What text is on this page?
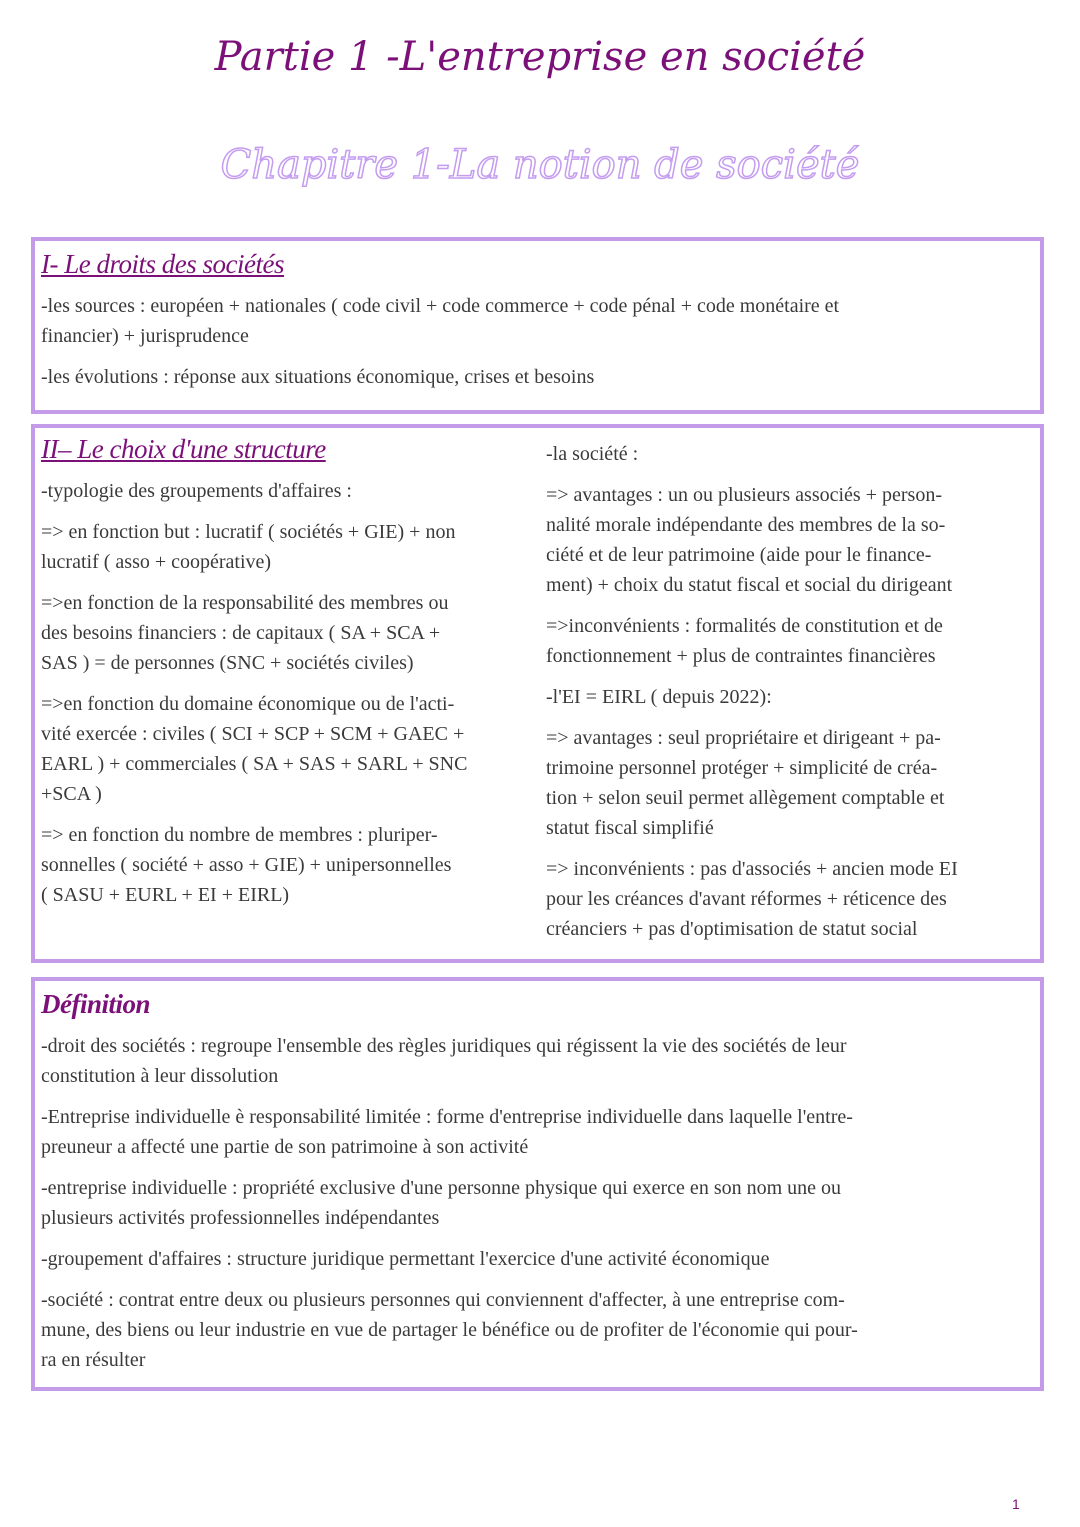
Partie 1 -L'entreprise en société
Chapitre 1-La notion de société
I- Le droits des sociétés
-les sources : européen + nationales ( code civil + code commerce + code pénal + code monétaire et
financier) + jurisprudence
-les évolutions : réponse aux situations économique, crises et besoins
II– Le choix d'une structure
-typologie des groupements d'affaires :
=> en fonction but : lucratif ( sociétés + GIE) + non
lucratif ( asso + coopérative)
=>en fonction de la responsabilité des membres ou
des besoins financiers : de capitaux ( SA + SCA +
SAS ) = de personnes (SNC + sociétés civiles)
=>en fonction du domaine économique ou de l'acti-
vité exercée : civiles ( SCI + SCP + SCM + GAEC +
EARL ) + commerciales ( SA + SAS + SARL + SNC
+SCA )
=> en fonction du nombre de membres : pluriper-
sonnelles ( société + asso + GIE) + unipersonnelles
( SASU + EURL + EI + EIRL)
-la société :
=> avantages : un ou plusieurs associés + person-
nalité morale indépendante des membres de la so-
ciété et de leur patrimoine (aide pour le finance-
ment) + choix du statut fiscal et social du dirigeant
=>inconvénients : formalités de constitution et de
fonctionnement + plus de contraintes financières
-l'EI = EIRL ( depuis 2022):
=> avantages : seul propriétaire et dirigeant + pa-
trimoine personnel protéger + simplicité de créa-
tion + selon seuil permet allègement comptable et
statut fiscal simplifié
=> inconvénients : pas d'associés + ancien mode EI
pour les créances d'avant réformes + réticence des
créanciers + pas d'optimisation de statut social
Définition
-droit des sociétés : regroupe l'ensemble des règles juridiques qui régissent la vie des sociétés de leur
constitution à leur dissolution
-Entreprise individuelle è responsabilité limitée : forme d'entreprise individuelle dans laquelle l'entre-
preuneur a affecté une partie de son patrimoine à son activité
-entreprise individuelle : propriété exclusive d'une personne physique qui exerce en son nom une ou
plusieurs activités professionnelles indépendantes
-groupement d'affaires : structure juridique permettant l'exercice d'une activité économique
-société : contrat entre deux ou plusieurs personnes qui conviennent d'affecter, à une entreprise com-
mune, des biens ou leur industrie en vue de partager le bénéfice ou de profiter de l'économie qui pour-
ra en résulter
1
